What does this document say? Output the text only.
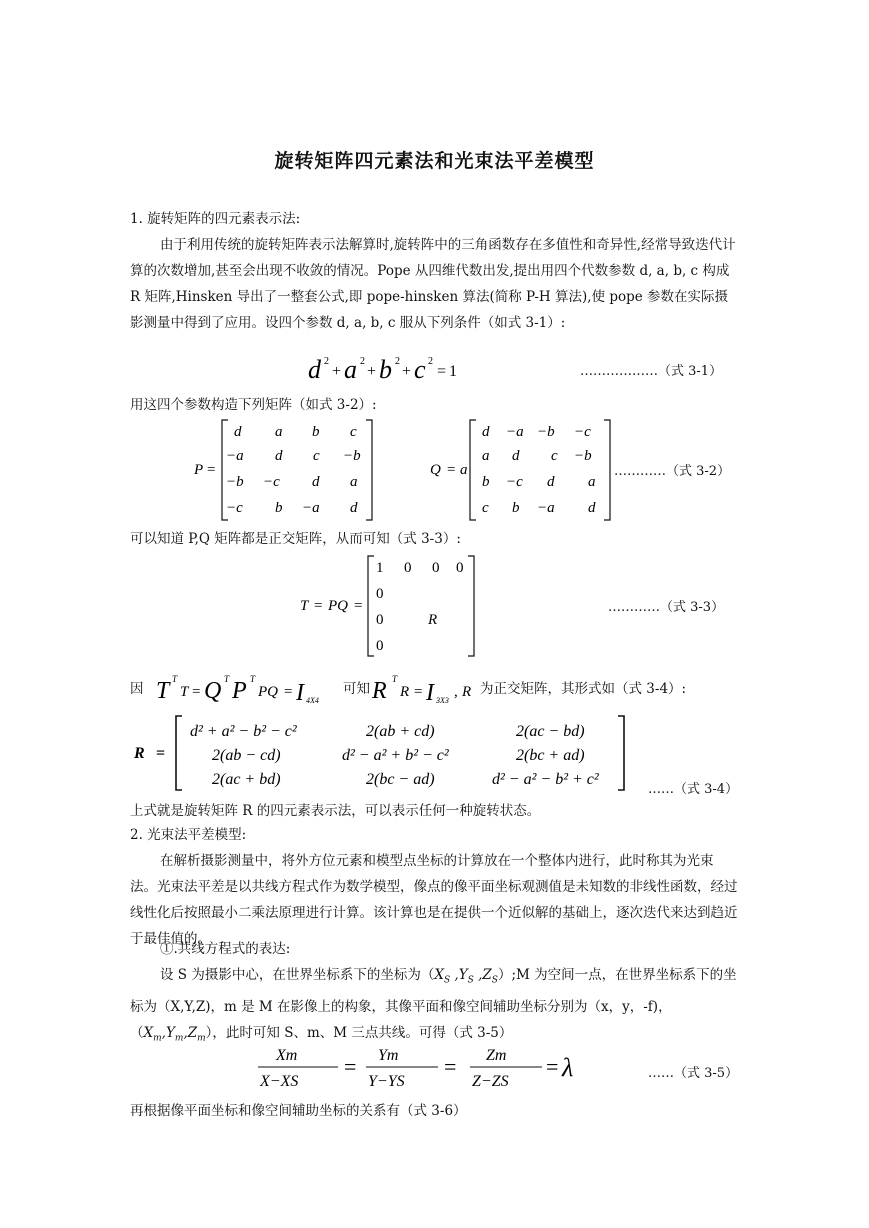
旋转矩阵四元素法和光束法平差模型
1. 旋转矩阵的四元素表示法:
由于利用传统的旋转矩阵表示法解算时,旋转阵中的三角函数存在多值性和奇异性,经常导致迭代计算的次数增加,甚至会出现不收敛的情况。Pope 从四维代数出发,提出用四个代数参数 d, a, b, c 构成 R 矩阵,Hinsken 导出了一整套公式,即 pope-hinsken 算法(简称 P-H 算法),使 pope 参数在实际摄影测量中得到了应用。设四个参数 d, a, b, c 服从下列条件（如式 3-1）:
d 2
+ a 2
+ b 2
+ c 2
= 1	………………（式 3-1）
用这四个参数构造下列矩阵（如式 3-2）:
P =
d a b c
−a d c −b
−b −c d a
−c b −a d
Q = a
d −a −b −c
a d c −b
b −c d a
c b −a d
…………（式 3-2）
可以知道 P,Q 矩阵都是正交矩阵，从而可知（式 3-3）:
T = PQ =
1 0 0 0
0
0	R
0
…………（式 3-3）
因 T T
T = Q T P T
PQ = I 4X4
可知 R T
R = I 3X3
, R 为正交矩阵，其形式如（式 3-4）:
R =
d² + a² − b² − c²	2(ab + cd)	2(ac − bd)
2(ab − cd)	d² − a² + b² − c²	2(bc + ad)
2(ac + bd)	2(bc − ad)	d² − a² − b² + c²
……（式 3-4）
上式就是旋转矩阵 R 的四元素表示法，可以表示任何一种旋转状态。
2. 光束法平差模型:
在解析摄影测量中，将外方位元素和模型点坐标的计算放在一个整体内进行，此时称其为光束法。光束法平差是以共线方程式作为数学模型，像点的像平面坐标观测值是未知数的非线性函数，经过线性化后按照最小二乘法原理进行计算。该计算也是在提供一个近似解的基础上，逐次迭代来达到趋近于最佳值的。
①.共线方程式的表达:
设 S 为摄影中心，在世界坐标系下的坐标为（$X_S$ $,Y_S$ $,Z_S);M$ 为空间一点，在世界坐标系下的坐标为（X,Y,Z)，m 是 M 在影像上的构象，其像平面和像空间辅助坐标分别为（x，y，-f)，$(X_m,Y_m,Z_m)$，此时可知 S、m、M 三点共线。可得（式 3-5）
Xm
X−XS
= Ym
Y−YS
= Zm
Z−ZS
= λ	……（式 3-5）
再根据像平面坐标和像空间辅助坐标的关系有（式 3-6）
